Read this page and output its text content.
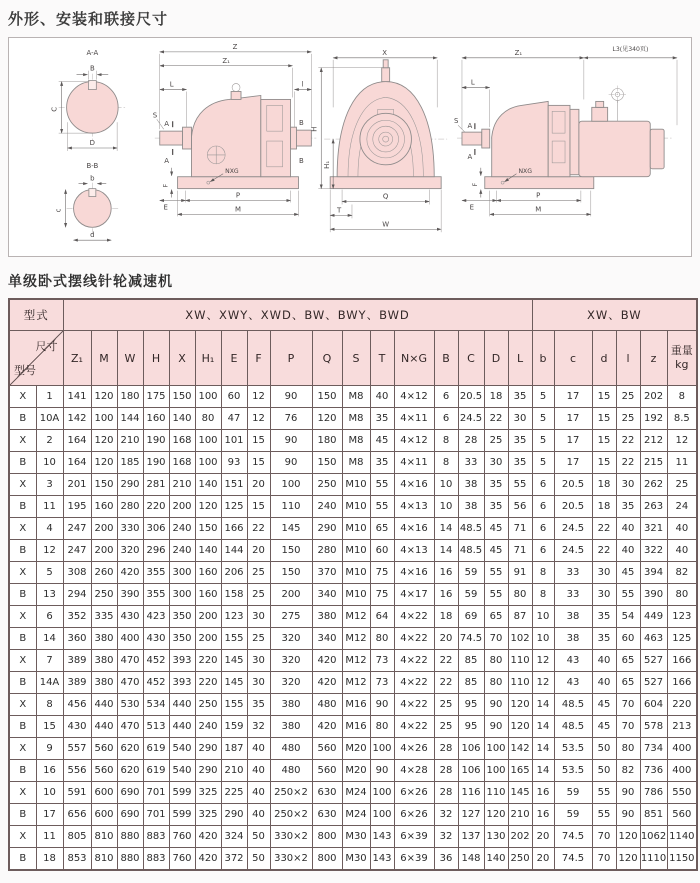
外形、安装和联接尺寸
A-A
B
C
D
B-B
b
c
d
Z
Z₁
L	l
S
A
A
B
B
NXG
F
E
P
M
X
H
H₁
Q
T
W
Z₁	L3(见340页)
L
S
A
A
NXG
F
E
P
M
单级卧式摆线针轮减速机
型式		XW、XWY、XWD、BW、BWY、BWD																	XW、BW					

尺寸
型号
	Z₁	M	W	H	X	H₁	E	F	P	Q	S	T	N×G	B	C	D	L	b	c	d	l	z	
重量
kg

X	1	141	120	180	175	150	100	60	12	90	150	M8	40	4×12	6	20.5	18	35	5	17	15	25	202	8
B	10A	142	100	144	160	140	80	47	12	76	120	M8	35	4×11	6	24.5	22	30	5	17	15	25	192	8.5
X	2	164	120	210	190	168	100	101	15	90	180	M8	45	4×12	8	28	25	35	5	17	15	22	212	12
B	10	164	120	185	190	168	100	93	15	90	150	M8	35	4×11	8	33	30	35	5	17	15	22	215	11
X	3	201	150	290	281	210	140	151	20	100	250	M10	55	4×16	10	38	35	55	6	20.5	18	30	262	25
B	11	195	160	280	220	200	120	125	15	110	240	M10	55	4×13	10	38	35	56	6	20.5	18	35	263	24
X	4	247	200	330	306	240	150	166	22	145	290	M10	65	4×16	14	48.5	45	71	6	24.5	22	40	321	40
B	12	247	200	320	296	240	140	144	20	150	280	M10	60	4×13	14	48.5	45	71	6	24.5	22	40	322	40
X	5	308	260	420	355	300	160	206	25	150	370	M10	75	4×16	16	59	55	91	8	33	30	45	394	82
B	13	294	250	390	355	300	160	158	25	200	340	M10	75	4×17	16	59	55	80	8	33	30	55	390	80
X	6	352	335	430	423	350	200	123	30	275	380	M12	64	4×22	18	69	65	87	10	38	35	54	449	123
B	14	360	380	400	430	350	200	155	25	320	340	M12	80	4×22	20	74.5	70	102	10	38	35	60	463	125
X	7	389	380	470	452	393	220	145	30	320	420	M12	73	4×22	22	85	80	110	12	43	40	65	527	166
B	14A	389	380	470	452	393	220	145	30	320	420	M12	73	4×22	22	85	80	110	12	43	40	65	527	166
X	8	456	440	530	534	440	250	155	35	380	480	M16	90	4×22	25	95	90	120	14	48.5	45	70	604	220
B	15	430	440	470	513	440	240	159	32	380	420	M16	80	4×22	25	95	90	120	14	48.5	45	70	578	213
X	9	557	560	620	619	540	290	187	40	480	560	M20	100	4×26	28	106	100	142	14	53.5	50	80	734	400
B	16	556	560	620	619	540	290	210	40	480	560	M20	90	4×28	28	106	100	165	14	53.5	50	82	736	400
X	10	591	600	690	701	599	325	225	40	250×2	630	M24	100	6×26	28	116	110	145	16	59	55	90	786	550
B	17	656	600	690	701	599	325	290	40	250×2	630	M24	100	6×26	32	127	120	210	16	59	55	90	851	560
X	11	805	810	880	883	760	420	324	50	330×2	800	M30	143	6×39	32	137	130	202	20	74.5	70	120	1062	1140
B	18	853	810	880	883	760	420	372	50	330×2	800	M30	143	6×39	36	148	140	250	20	74.5	70	120	1110	1150
